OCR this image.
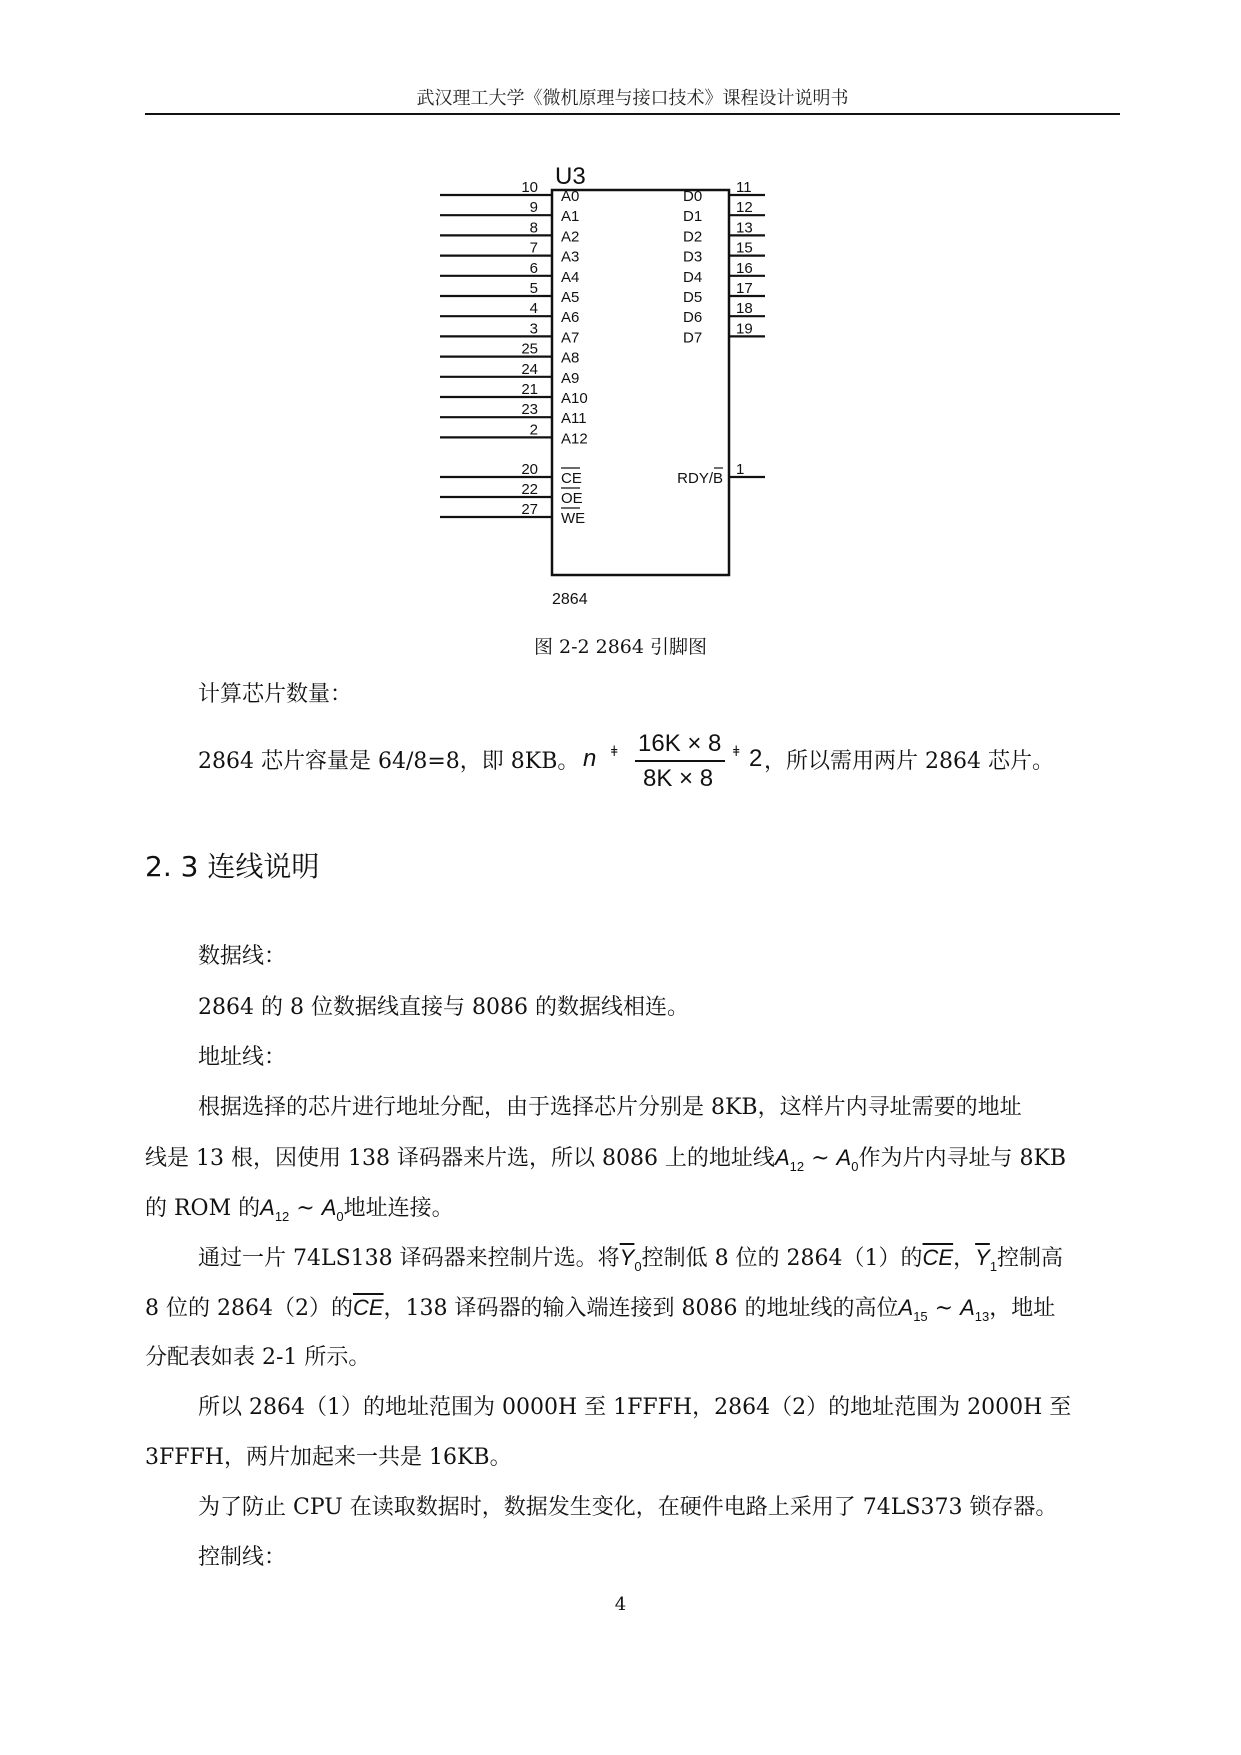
武汉理工大学《微机原理与接口技术》课程设计说明书
U3
2864
10
A0
9
A1
8
A2
7
A3
6
A4
5
A5
4
A6
3
A7
25
A8
24
A9
21
A10
23
A11
2
A12
D0
11
D1
12
D2
13
D3
15
D4
16
D5
17
D6
18
D7
19
20
CE
22
OE
27
WE
RDY/B
1
图 2-2 2864 引脚图
计算芯片数量：
2864 芯片容量是 64/8=8，即 8KB。 n ǂ 16K × 8
8K × 8
ǂ 2 ，所以需用两片 2864 芯片。
2. 3 连线说明
数据线：
2864 的 8 位数据线直接与 8086 的数据线相连。
地址线：
根据选择的芯片进行地址分配，由于选择芯片分别是 8KB，这样片内寻址需要的地址
线是 13 根，因使用 138 译码器来片选，所以 8086 上的地址线$A_{12}$ ~ $A_0$作为片内寻址与 8KB
的 ROM 的$A_{12}$ ~ $A_0$地址连接。
通过一片 74LS138 译码器来控制片选。将$\overline{Y}_0$控制低 8 位的 2864（1）的$\overline{CE}$，$\overline{Y}_1$控制高
8 位的 2864（2）的$\overline{CE}$，138 译码器的输入端连接到 8086 的地址线的高位$A_{15}$ ~ $A_{13}$，地址
分配表如表 2-1 所示。
所以 2864（1）的地址范围为 0000H 至 1FFFH，2864（2）的地址范围为 2000H 至
3FFFH，两片加起来一共是 16KB。
为了防止 CPU 在读取数据时，数据发生变化，在硬件电路上采用了 74LS373 锁存器。
控制线：
4
